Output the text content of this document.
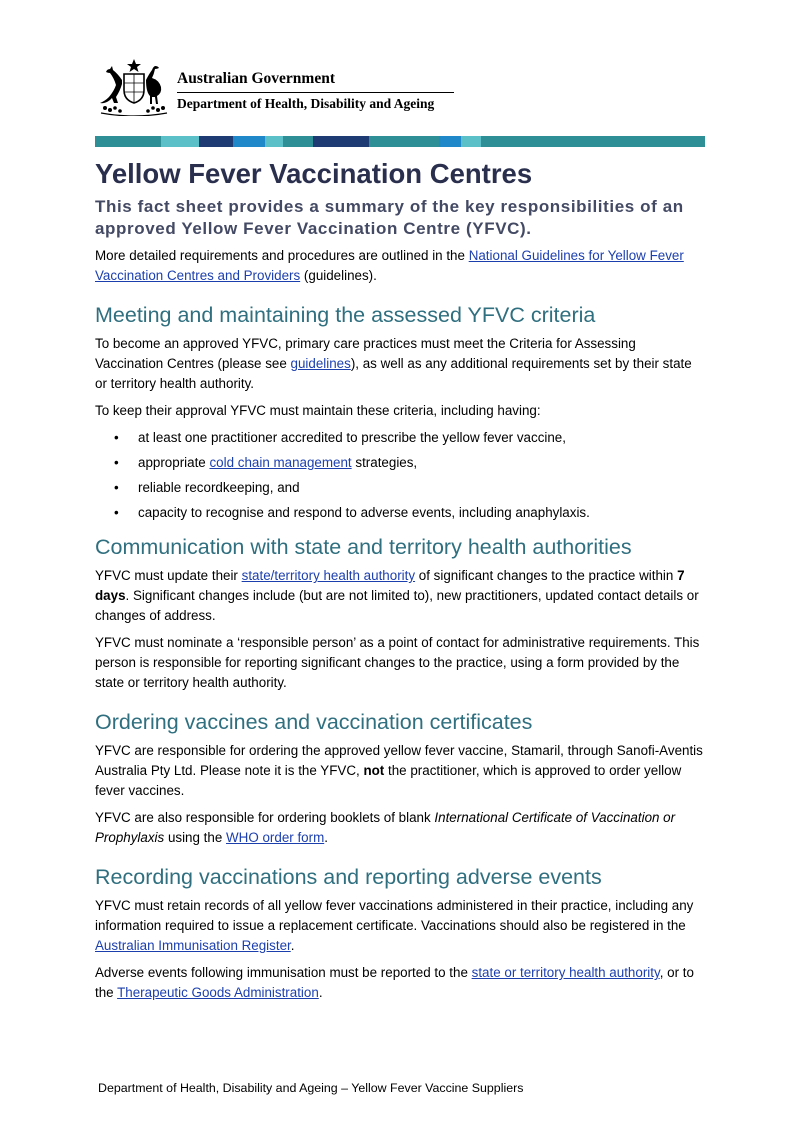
Australian Government
Department of Health, Disability and Ageing
Yellow Fever Vaccination Centres

This fact sheet provides a summary of the key responsibilities of an approved Yellow Fever Vaccination Centre (YFVC).

More detailed requirements and procedures are outlined in the National Guidelines for Yellow Fever Vaccination Centres and Providers (guidelines).

Meeting and maintaining the assessed YFVC criteria

To become an approved YFVC, primary care practices must meet the Criteria for Assessing Vaccination Centres (please see guidelines), as well as any additional requirements set by their state or territory health authority.

To keep their approval YFVC must maintain these criteria, including having:

• at least one practitioner accredited to prescribe the yellow fever vaccine,
• appropriate cold chain management strategies,
• reliable recordkeeping, and
• capacity to recognise and respond to adverse events, including anaphylaxis.
Communication with state and territory health authorities

YFVC must update their state/territory health authority of significant changes to the practice within 7 days. Significant changes include (but are not limited to), new practitioners, updated contact details or changes of address.

YFVC must nominate a ‘responsible person’ as a point of contact for administrative requirements. This person is responsible for reporting significant changes to the practice, using a form provided by the state or territory health authority.

Ordering vaccines and vaccination certificates

YFVC are responsible for ordering the approved yellow fever vaccine, Stamaril, through Sanofi-Aventis Australia Pty Ltd. Please note it is the YFVC, not the practitioner, which is approved to order yellow fever vaccines.

YFVC are also responsible for ordering booklets of blank International Certificate of Vaccination or Prophylaxis using the WHO order form.

Recording vaccinations and reporting adverse events

YFVC must retain records of all yellow fever vaccinations administered in their practice, including any information required to issue a replacement certificate. Vaccinations should also be registered in the Australian Immunisation Register.

Adverse events following immunisation must be reported to the state or territory health authority, or to the Therapeutic Goods Administration.

Department of Health, Disability and Ageing – Yellow Fever Vaccine Suppliers
